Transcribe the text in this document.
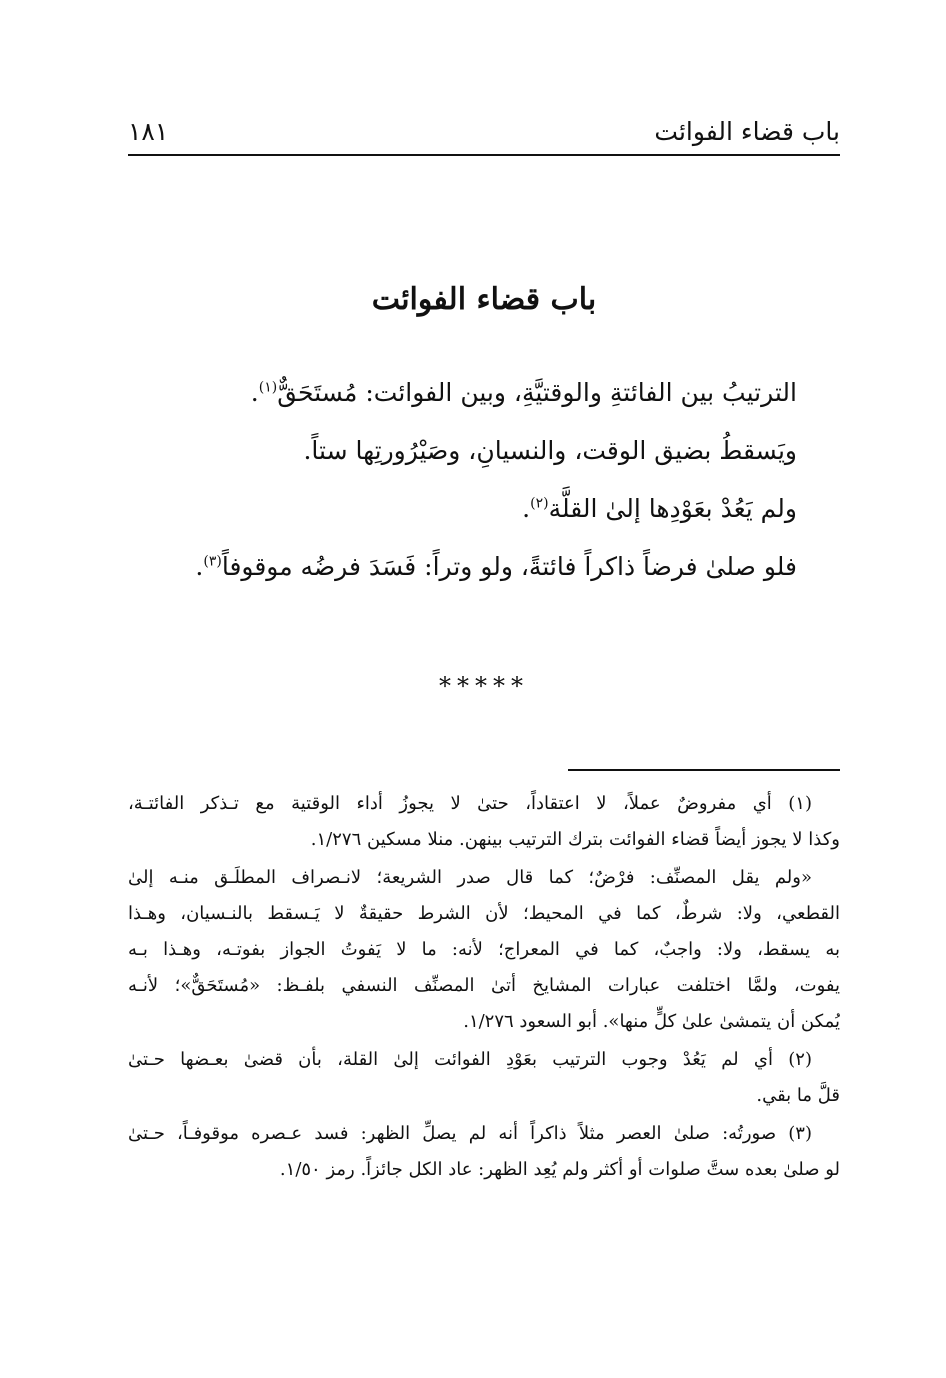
باب قضاء الفوائت
١٨١
باب قضاء الفوائت
الترتيبُ بين الفائتةِ والوقتيَّةِ، وبين الفوائت: مُستَحَقٌّ$^{(١)}$.
ويَسقطُ بضيق الوقت، والنسيانِ، وصَيْرُورتِها ستاً.
ولم يَعُدْ بعَوْدِها إلىٰ القلَّة$^{(٢)}$.
فلو صلىٰ فرضاً ذاكراً فائتةً، ولو وتراً: فَسَدَ فرضُه موقوفاً$^{(٣)}$.
*****
(١) أي مفروضٌ عملاً، لا اعتقاداً، حتىٰ لا يجوزُ أداء الوقتية مع تـذكر الفائتـة،
وكذا لا يجوز أيضاً قضاء الفوائت بترك الترتيب بينهن. منلا مسكين ١/٢٧٦.
«ولم يقل المصنِّف: فرْضٌ؛ كما قال صدر الشريعة؛ لانـصراف المطلَـق منـه إلىٰ
القطعي، ولا: شرطٌ، كما في المحيط؛ لأن الشرط حقيقةٌ لا يَـسقط بالنـسيان، وهـذا
به يسقط، ولا: واجبٌ، كما في المعراج؛ لأنه: ما لا يَفوتُ الجواز بفوتـه، وهـذا بـه
يفوت، ولمَّا اختلفت عبارات المشايخ أتىٰ المصنِّف النسفي بلفـظ: «مُستَحَقٌّ»؛ لأنـه
يُمكن أن يتمشىٰ علىٰ كلٍّ منها». أبو السعود ١/٢٧٦.
(٢) أي لم يَعُدْ وجوب الترتيب بعَوْدِ الفوائت إلىٰ القلة، بأن قضىٰ بعـضها حـتىٰ
قلَّ ما بقي.
(٣) صورتُه: صلىٰ العصر مثلاً ذاكراً أنه لم يصلِّ الظهر: فسد عـصره موقوفـاً، حـتىٰ
لو صلىٰ بعده ستَّ صلوات أو أكثر ولم يُعِد الظهر: عاد الكل جائزاً. رمز ١/٥٠.
